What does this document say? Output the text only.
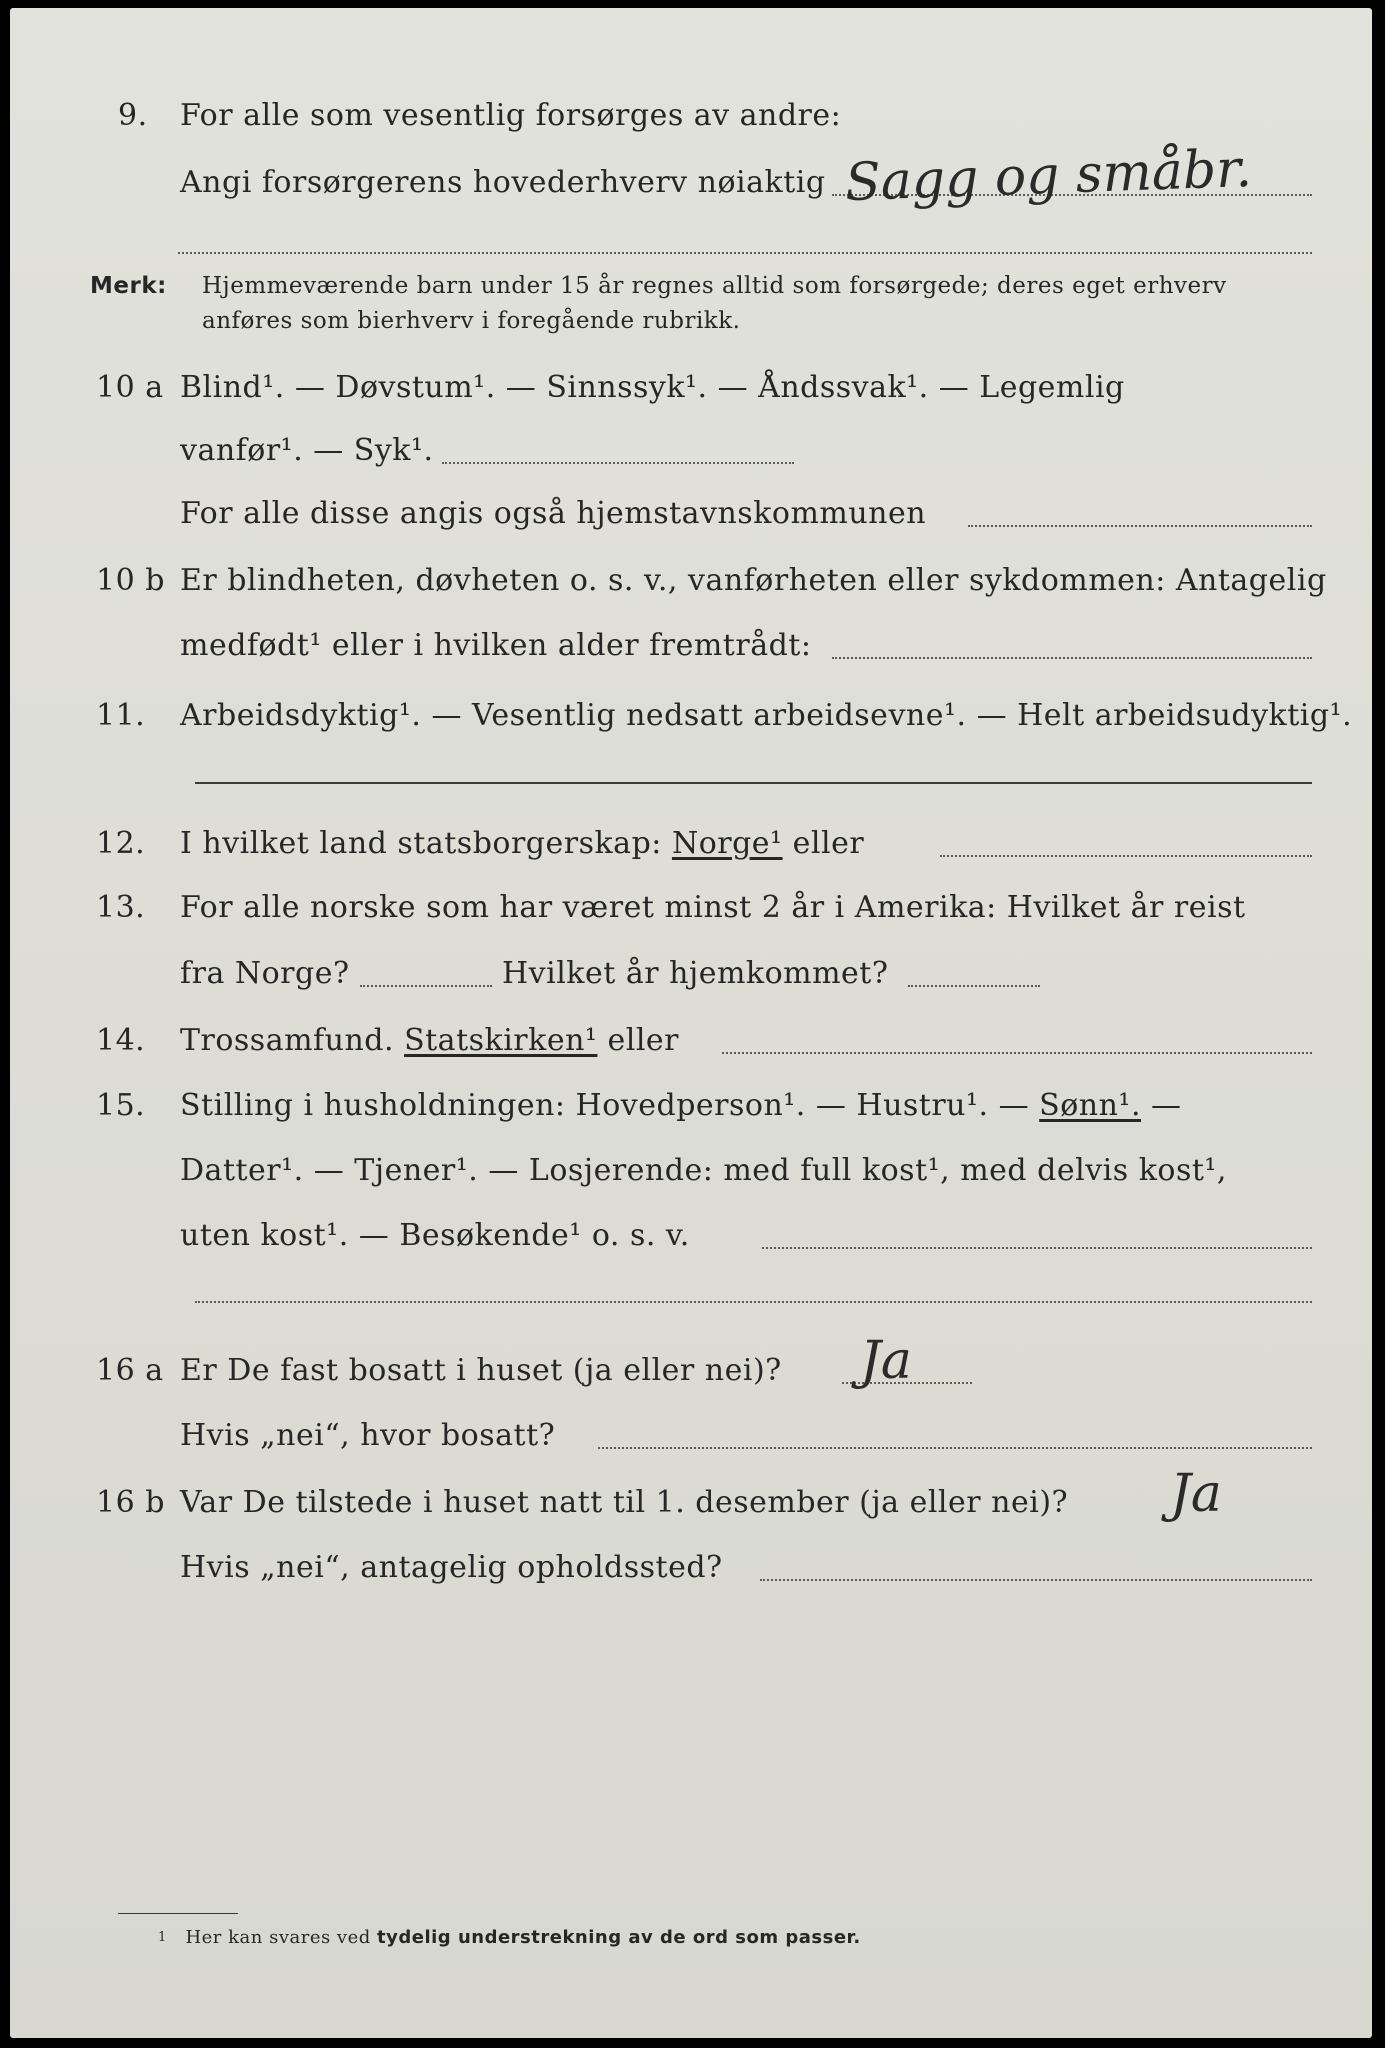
9. For alle som vesentlig forsørges av andre:
Angi forsørgerens hovederhverv nøiaktig Sagg og småbr.
Merk: Hjemmeværende barn under 15 år regnes alltid som forsørgede; deres eget erhverv
anføres som bierhverv i foregående rubrikk.
10 a Blind¹. — Døvstum¹. — Sinnssyk¹. — Åndssvak¹. — Legemlig
vanfør¹. — Syk¹.
For alle disse angis også hjemstavnskommunen
10 b Er blindheten, døvheten o. s. v., vanførheten eller sykdommen: Antagelig
medfødt¹ eller i hvilken alder fremtrådt:
11. Arbeidsdyktig¹. — Vesentlig nedsatt arbeidsevne¹. — Helt arbeidsudyktig¹.
12. I hvilket land statsborgerskap: Norge¹ eller
13. For alle norske som har været minst 2 år i Amerika: Hvilket år reist
fra Norge?	Hvilket år hjemkommet?
14. Trossamfund. Statskirken¹ eller
15. Stilling i husholdningen: Hovedperson¹. — Hustru¹. — Sønn¹. —
Datter¹. — Tjener¹. — Losjerende: med full kost¹, med delvis kost¹,
uten kost¹. — Besøkende¹ o. s. v.
16 a Er De fast bosatt i huset (ja eller nei)? Ja
Hvis „nei“, hvor bosatt?
16 b Var De tilstede i huset natt til 1. desember (ja eller nei)? Ja
Hvis „nei“, antagelig opholdssted?
$^1$ Her kan svares ved tydelig understrekning av de ord som passer.
